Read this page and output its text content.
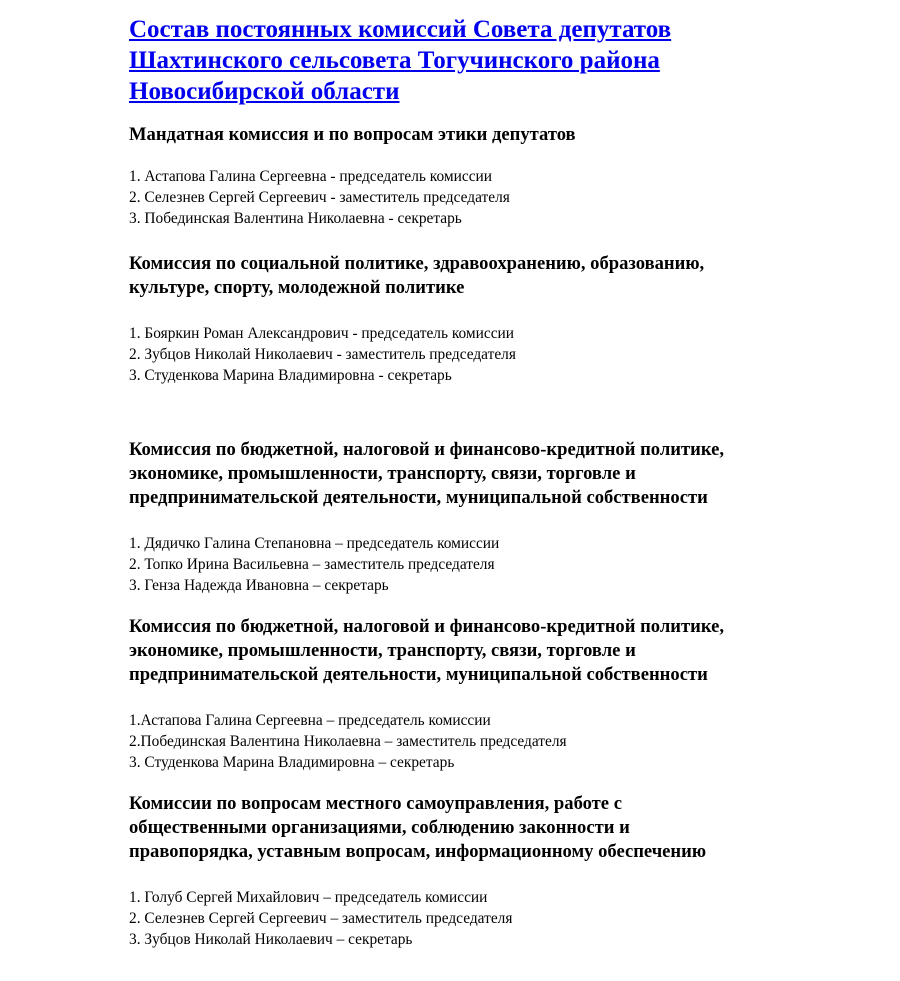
Состав постоянных комиссий Совета депутатов
Шахтинского сельсовета Тогучинского района
Новосибирской области
Мандатная комиссия и по вопросам этики депутатов
1. Астапова Галина Сергеевна - председатель комиссии
2. Селезнев Сергей Сергеевич - заместитель председателя
3. Побединская Валентина Николаевна - секретарь
Комиссия по социальной политике, здравоохранению, образованию,
культуре, спорту, молодежной политике
1. Бояркин Роман Александрович - председатель комиссии
2. Зубцов Николай Николаевич - заместитель председателя
3. Студенкова Марина Владимировна - секретарь
Комиссия по бюджетной, налоговой и финансово-кредитной политике,
экономике, промышленности, транспорту, связи, торговле и
предпринимательской деятельности, муниципальной собственности
1. Дядичко Галина Степановна – председатель комиссии
2. Топко Ирина Васильевна – заместитель председателя
3. Генза Надежда Ивановна – секретарь
Комиссия по бюджетной, налоговой и финансово-кредитной политике,
экономике, промышленности, транспорту, связи, торговле и
предпринимательской деятельности, муниципальной собственности
1.Астапова Галина Сергеевна – председатель комиссии
2.Побединская Валентина Николаевна – заместитель председателя
3. Студенкова Марина Владимировна – секретарь
Комиссии по вопросам местного самоуправления, работе с
общественными организациями, соблюдению законности и
правопорядка, уставным вопросам, информационному обеспечению
1. Голуб Сергей Михайлович – председатель комиссии
2. Селезнев Сергей Сергеевич – заместитель председателя
3. Зубцов Николай Николаевич – секретарь
